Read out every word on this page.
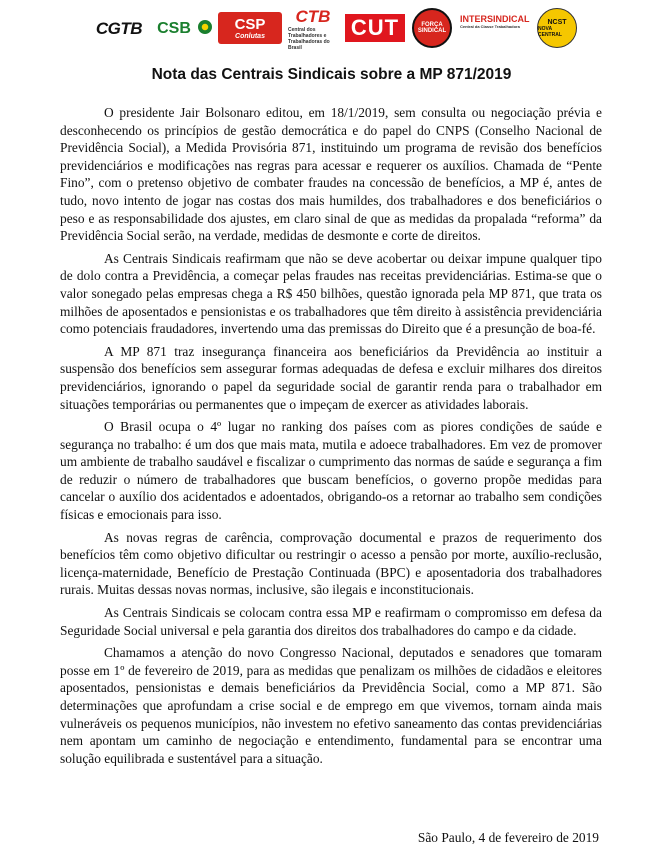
CGTB CSB	CSP
Conlutas
CTB
Central dos Trabalhadores e Trabalhadoras do Brasil
CUT	FORÇA
SINDICAL
INTERSINDICAL
Central da Classe Trabalhadora
NCST
NOVA CENTRAL
Nota das Centrais Sindicais sobre a MP 871/2019

O presidente Jair Bolsonaro editou, em 18/1/2019, sem consulta ou negociação prévia e desconhecendo os princípios de gestão democrática e do papel do CNPS (Conselho Nacional de Previdência Social), a Medida Provisória 871, instituindo um programa de revisão dos benefícios previdenciários e modificações nas regras para acessar e requerer os auxílios. Chamada de “Pente Fino”, com o pretenso objetivo de combater fraudes na concessão de benefícios, a MP é, antes de tudo, novo intento de jogar nas costas dos mais humildes, dos trabalhadores e dos beneficiários o peso e as responsabilidade dos ajustes, em claro sinal de que as medidas da propalada “reforma” da Previdência Social serão, na verdade, medidas de desmonte e corte de direitos.

As Centrais Sindicais reafirmam que não se deve acobertar ou deixar impune qualquer tipo de dolo contra a Previdência, a começar pelas fraudes nas receitas previdenciárias. Estima-se que o valor sonegado pelas empresas chega a R$ 450 bilhões, questão ignorada pela MP 871, que trata os milhões de aposentados e pensionistas e os trabalhadores que têm direito à assistência previdenciária como potenciais fraudadores, invertendo uma das premissas do Direito que é a presunção de boa-fé.

A MP 871 traz insegurança financeira aos beneficiários da Previdência ao instituir a suspensão dos benefícios sem assegurar formas adequadas de defesa e excluir milhares dos direitos previdenciários, ignorando o papel da seguridade social de garantir renda para o trabalhador em situações temporárias ou permanentes que o impeçam de exercer as atividades laborais.

O Brasil ocupa o 4º lugar no ranking dos países com as piores condições de saúde e segurança no trabalho: é um dos que mais mata, mutila e adoece trabalhadores. Em vez de promover um ambiente de trabalho saudável e fiscalizar o cumprimento das normas de saúde e segurança a fim de reduzir o número de trabalhadores que buscam benefícios, o governo propõe medidas para cancelar o auxílio dos acidentados e adoentados, obrigando-os a retornar ao trabalho sem condições físicas e emocionais para isso.

As novas regras de carência, comprovação documental e prazos de requerimento dos benefícios têm como objetivo dificultar ou restringir o acesso a pensão por morte, auxílio-reclusão, licença-maternidade, Benefício de Prestação Continuada (BPC) e aposentadoria dos trabalhadores rurais. Muitas dessas novas normas, inclusive, são ilegais e inconstitucionais.

As Centrais Sindicais se colocam contra essa MP e reafirmam o compromisso em defesa da Seguridade Social universal e pela garantia dos direitos dos trabalhadores do campo e da cidade.

Chamamos a atenção do novo Congresso Nacional, deputados e senadores que tomaram posse em 1º de fevereiro de 2019, para as medidas que penalizam os milhões de cidadãos e eleitores aposentados, pensionistas e demais beneficiários da Previdência Social, como a MP 871. São determinações que aprofundam a crise social e de emprego em que vivemos, tornam ainda mais vulneráveis os pequenos municípios, não investem no efetivo saneamento das contas previdenciárias nem apontam um caminho de negociação e entendimento, fundamental para se encontrar uma solução equilibrada e sustentável para a situação.

São Paulo, 4 de fevereiro de 2019
